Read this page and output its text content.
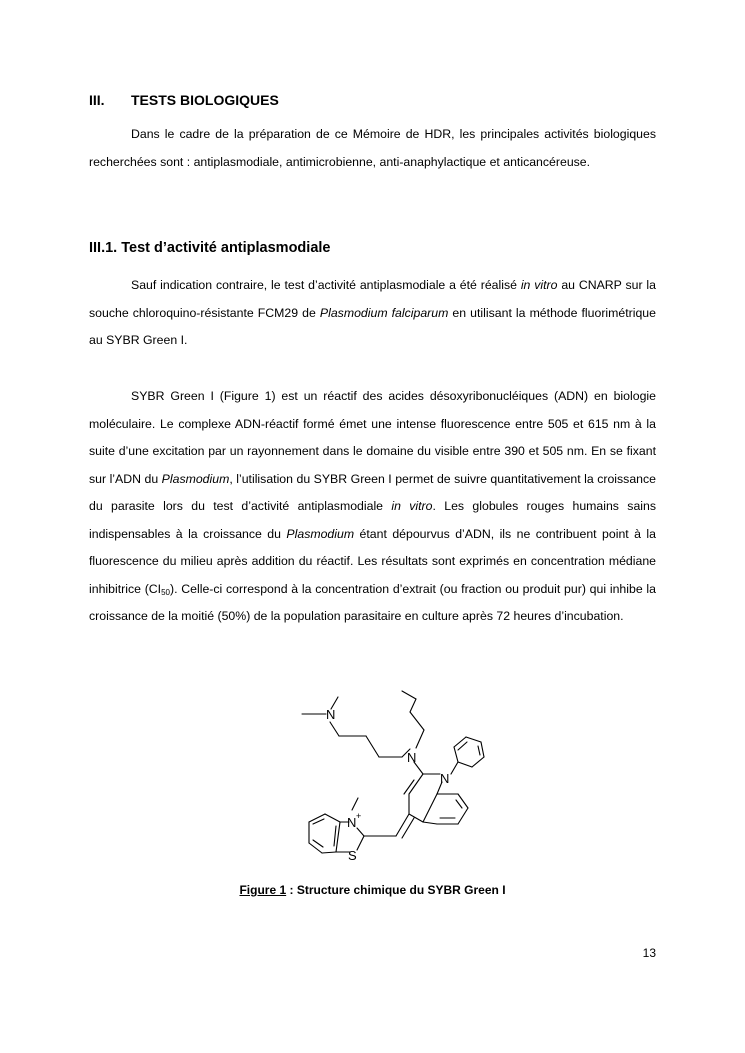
III. TESTS BIOLOGIQUES

Dans le cadre de la préparation de ce Mémoire de HDR, les principales activités biologiques recherchées sont : antiplasmodiale, antimicrobienne, anti-anaphylactique et anticancéreuse.

III.1. Test d’activité antiplasmodiale

Sauf indication contraire, le test d’activité antiplasmodiale a été réalisé in vitro au CNARP sur la souche chloroquino-résistante FCM29 de Plasmodium falciparum en utilisant la méthode fluorimétrique au SYBR Green I.

SYBR Green I (Figure 1) est un réactif des acides désoxyribonucléiques (ADN) en biologie moléculaire. Le complexe ADN-réactif formé émet une intense fluorescence entre 505 et 615 nm à la suite d’une excitation par un rayonnement dans le domaine du visible entre 390 et 505 nm. En se fixant sur l’ADN du Plasmodium, l’utilisation du SYBR Green I permet de suivre quantitativement la croissance du parasite lors du test d’activité antiplasmodiale in vitro. Les globules rouges humains sains indispensables à la croissance du Plasmodium étant dépourvus d’ADN, ils ne contribuent point à la fluorescence du milieu après addition du réactif. Les résultats sont exprimés en concentration médiane inhibitrice $(CI_{50})$. Celle-ci correspond à la concentration d’extrait (ou fraction ou produit pur) qui inhibe la croissance de la moitié (50%) de la population parasitaire en culture après 72 heures d’incubation.

N
N
N
N +
S
Figure 1 : Structure chimique du SYBR Green I
13
